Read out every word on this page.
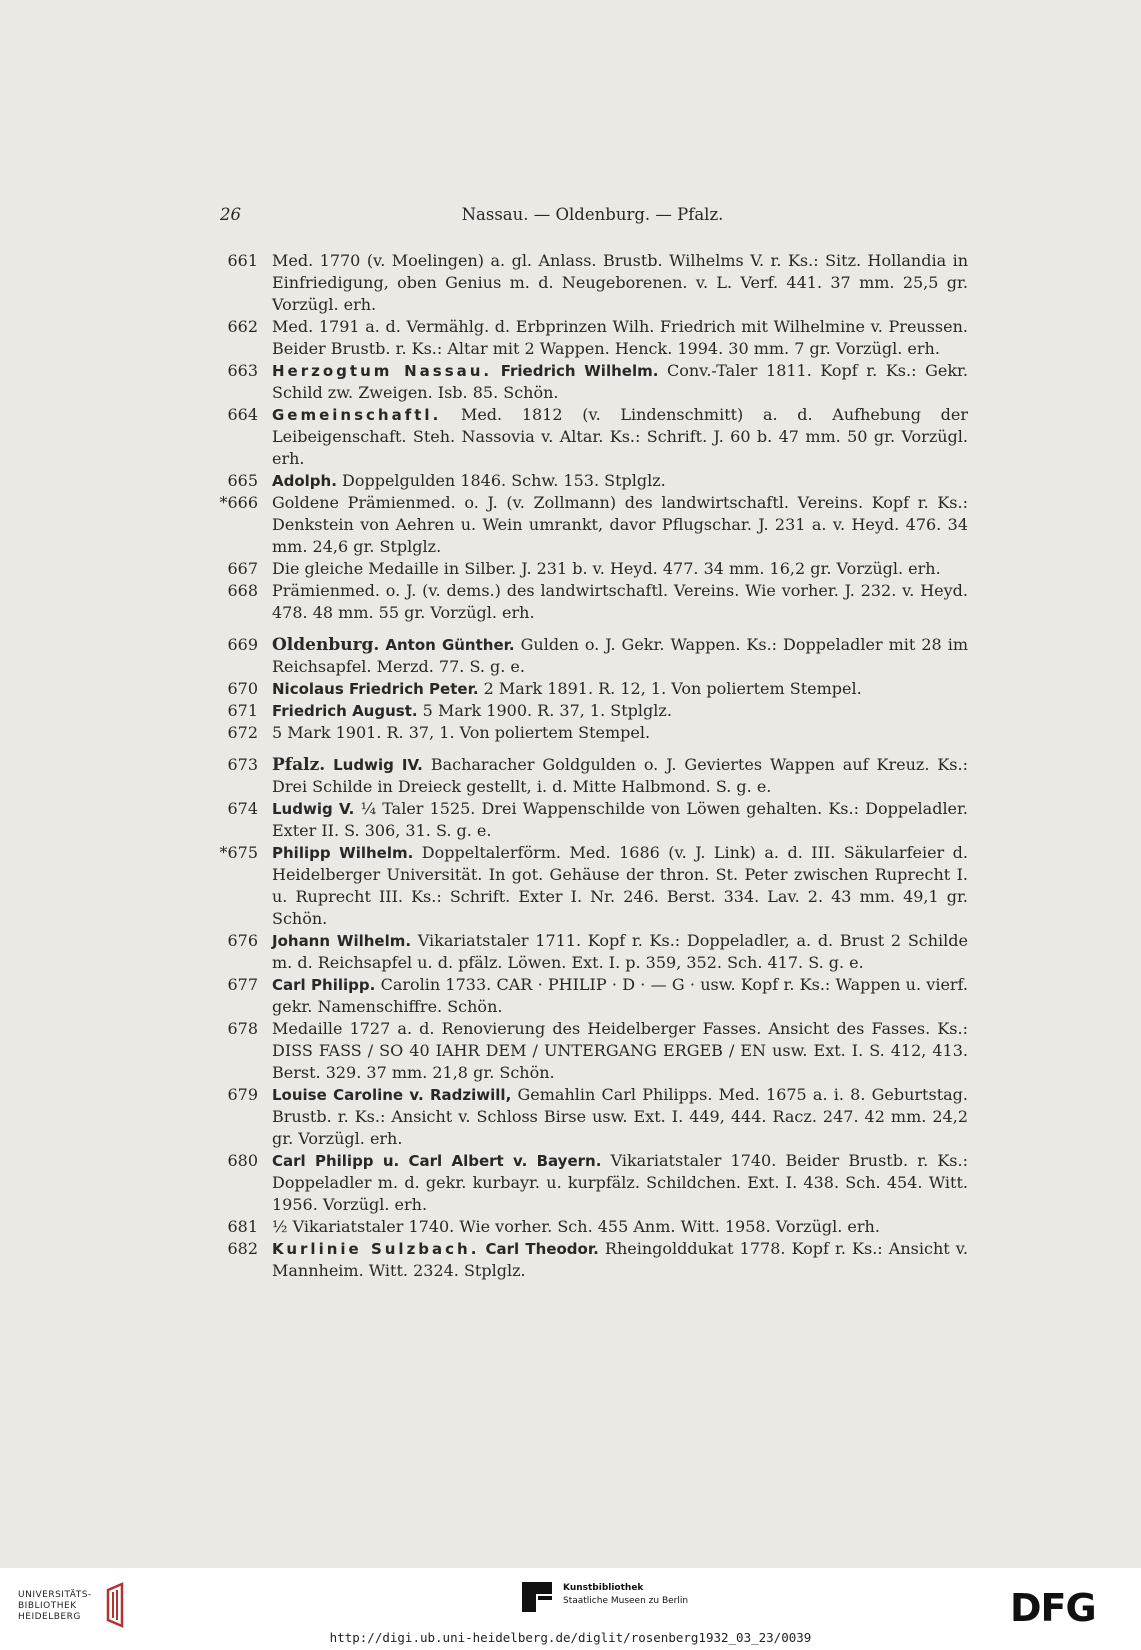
26	Nassau. — Oldenburg. — Pfalz.
661 Med. 1770 (v. Moelingen) a. gl. Anlass. Brustb. Wilhelms V. r. Ks.: Sitz. Hollandia in Einfriedigung, oben Genius m. d. Neugeborenen. v. L. Verf. 441. 37 mm. 25,5 gr. Vorzügl. erh.
662 Med. 1791 a. d. Vermählg. d. Erbprinzen Wilh. Friedrich mit Wilhelmine v. Preussen. Beider Brustb. r. Ks.: Altar mit 2 Wappen. Henck. 1994. 30 mm. 7 gr. Vorzügl. erh.
663 Herzogtum Nassau. Friedrich Wilhelm. Conv.-Taler 1811. Kopf r. Ks.: Gekr. Schild zw. Zweigen. Isb. 85. Schön.
664 Gemeinschaftl. Med. 1812 (v. Lindenschmitt) a. d. Aufhebung der Leibeigenschaft. Steh. Nassovia v. Altar. Ks.: Schrift. J. 60 b. 47 mm. 50 gr. Vorzügl. erh.
665 Adolph. Doppelgulden 1846. Schw. 153. Stplglz.
*666 Goldene Prämienmed. o. J. (v. Zollmann) des landwirtschaftl. Vereins. Kopf r. Ks.: Denkstein von Aehren u. Wein umrankt, davor Pflugschar. J. 231 a. v. Heyd. 476. 34 mm. 24,6 gr. Stplglz.
667 Die gleiche Medaille in Silber. J. 231 b. v. Heyd. 477. 34 mm. 16,2 gr. Vorzügl. erh.
668 Prämienmed. o. J. (v. dems.) des landwirtschaftl. Vereins. Wie vorher. J. 232. v. Heyd. 478. 48 mm. 55 gr. Vorzügl. erh.
669 Oldenburg. Anton Günther. Gulden o. J. Gekr. Wappen. Ks.: Doppeladler mit 28 im Reichsapfel. Merzd. 77. S. g. e.
670 Nicolaus Friedrich Peter. 2 Mark 1891. R. 12, 1. Von poliertem Stempel.
671 Friedrich August. 5 Mark 1900. R. 37, 1. Stplglz.
672 5 Mark 1901. R. 37, 1. Von poliertem Stempel.
673 Pfalz. Ludwig IV. Bacharacher Goldgulden o. J. Geviertes Wappen auf Kreuz. Ks.: Drei Schilde in Dreieck gestellt, i. d. Mitte Halbmond. S. g. e.
674 Ludwig V. ¼ Taler 1525. Drei Wappenschilde von Löwen gehalten. Ks.: Doppeladler. Exter II. S. 306, 31. S. g. e.
*675 Philipp Wilhelm. Doppeltalerförm. Med. 1686 (v. J. Link) a. d. III. Säkularfeier d. Heidelberger Universität. In got. Gehäuse der thron. St. Peter zwischen Ruprecht I. u. Ruprecht III. Ks.: Schrift. Exter I. Nr. 246. Berst. 334. Lav. 2. 43 mm. 49,1 gr. Schön.
676 Johann Wilhelm. Vikariatstaler 1711. Kopf r. Ks.: Doppeladler, a. d. Brust 2 Schilde m. d. Reichsapfel u. d. pfälz. Löwen. Ext. I. p. 359, 352. Sch. 417. S. g. e.
677 Carl Philipp. Carolin 1733. CAR · PHILIP · D · — G · usw. Kopf r. Ks.: Wappen u. vierf. gekr. Namenschiffre. Schön.
678 Medaille 1727 a. d. Renovierung des Heidelberger Fasses. Ansicht des Fasses. Ks.: DISS FASS / SO 40 IAHR DEM / UNTERGANG ERGEB / EN usw. Ext. I. S. 412, 413. Berst. 329. 37 mm. 21,8 gr. Schön.
679 Louise Caroline v. Radziwill, Gemahlin Carl Philipps. Med. 1675 a. i. 8. Geburtstag. Brustb. r. Ks.: Ansicht v. Schloss Birse usw. Ext. I. 449, 444. Racz. 247. 42 mm. 24,2 gr. Vorzügl. erh.
680 Carl Philipp u. Carl Albert v. Bayern. Vikariatstaler 1740. Beider Brustb. r. Ks.: Doppeladler m. d. gekr. kurbayr. u. kurpfälz. Schildchen. Ext. I. 438. Sch. 454. Witt. 1956. Vorzügl. erh.
681 ½ Vikariatstaler 1740. Wie vorher. Sch. 455 Anm. Witt. 1958. Vorzügl. erh.
682 Kurlinie Sulzbach. Carl Theodor. Rheingolddukat 1778. Kopf r. Ks.: Ansicht v. Mannheim. Witt. 2324. Stplglz.
UNIVERSITÄTS-
BIBLIOTHEK
HEIDELBERG
Kunstbibliothek
Staatliche Museen zu Berlin	DFG
http://digi.ub.uni-heidelberg.de/diglit/rosenberg1932_03_23/0039
